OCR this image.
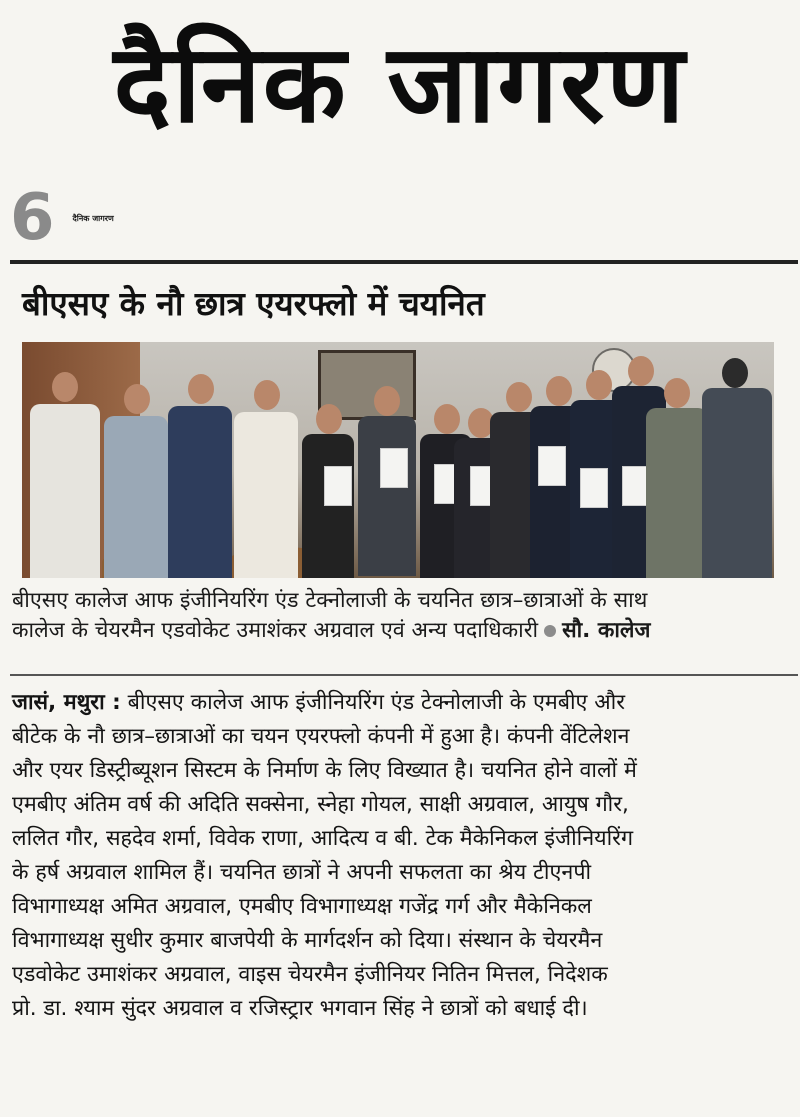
दैनिक जागरण
6 दैनिक जागरण
बीएसए के नौ छात्र एयरफ्लो में चयनित
बीएसए कालेज आफ इंजीनियरिंग एंड टेक्नोलाजी के चयनित छात्र–छात्राओं के साथ
कालेज के चेयरमैन एडवोकेट उमाशंकर अग्रवाल एवं अन्य पदाधिकारी सौ. कालेज
जासं, मथुरा : बीएसए कालेज आफ इंजीनियरिंग एंड टेक्नोलाजी के एमबीए और
बीटेक के नौ छात्र–छात्राओं का चयन एयरफ्लो कंपनी में हुआ है। कंपनी वेंटिलेशन
और एयर डिस्ट्रीब्यूशन सिस्टम के निर्माण के लिए विख्यात है। चयनित होने वालों में
एमबीए अंतिम वर्ष की अदिति सक्सेना, स्नेहा गोयल, साक्षी अग्रवाल, आयुष गौर,
ललित गौर, सहदेव शर्मा, विवेक राणा, आदित्य व बी. टेक मैकेनिकल इंजीनियरिंग
के हर्ष अग्रवाल शामिल हैं। चयनित छात्रों ने अपनी सफलता का श्रेय टीएनपी
विभागाध्यक्ष अमित अग्रवाल, एमबीए विभागाध्यक्ष गजेंद्र गर्ग और मैकेनिकल
विभागाध्यक्ष सुधीर कुमार बाजपेयी के मार्गदर्शन को दिया। संस्थान के चेयरमैन
एडवोकेट उमाशंकर अग्रवाल, वाइस चेयरमैन इंजीनियर नितिन मित्तल, निदेशक
प्रो. डा. श्याम सुंदर अग्रवाल व रजिस्ट्रार भगवान सिंह ने छात्रों को बधाई दी।
